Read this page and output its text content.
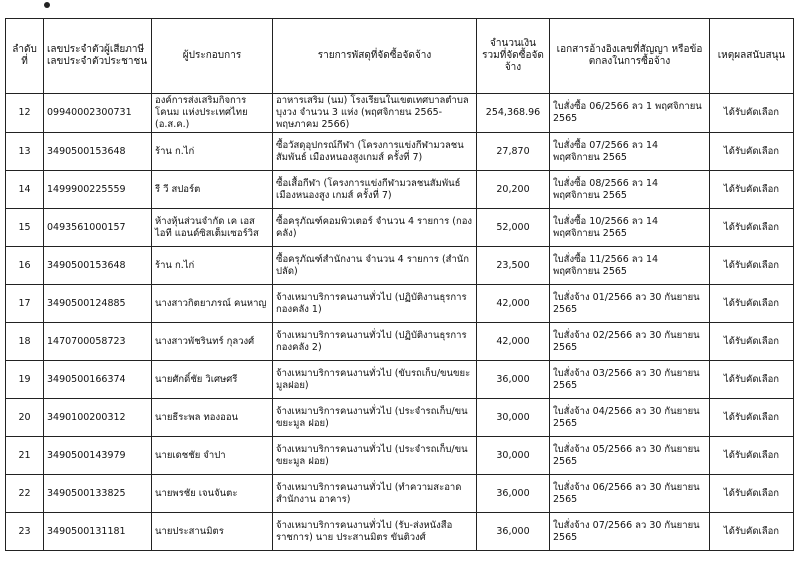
ลำดับที่	เลขประจำตัวผู้เสียภาษี เลขประจำตัวประชาชน	ผู้ประกอบการ	รายการพัสดุที่จัดซื้อจัดจ้าง	จำนวนเงิน รวมที่จัดซื้อจัด จ้าง	เอกสารอ้างอิงเลขที่สัญญา หรือข้อตกลงในการซื้อจ้าง	เหตุผลสนับสนุน
12	09940002300731	องค์การส่งเสริมกิจการโคนม แห่งประเทศไทย (อ.ส.ค.)	อาหารเสริม (นม) โรงเรียนในเขตเทศบาลตำบลบุงวง จำนวน 3 แห่ง (พฤศจิกายน 2565-พฤษภาคม 2566)	254,368.96	ใบสั่งซื้อ 06/2566 ลว 1 พฤศจิกายน 2565	ได้รับคัดเลือก
13	3490500153648	ร้าน ก.ไก่	ซื้อวัสดุอุปกรณ์กีฬา (โครงการแข่งกีฬามวลชนสัมพันธ์ เมืองหนองสูงเกมส์ ครั้งที่ 7)	27,870	ใบสั่งซื้อ 07/2566 ลว 14 พฤศจิกายน 2565	ได้รับคัดเลือก
14	1499900225559	รี วี สปอร์ต	ซื้อเสื้อกีฬา (โครงการแข่งกีฬามวลชนสัมพันธ์ เมืองหนองสูง เกมส์ ครั้งที่ 7)	20,200	ใบสั่งซื้อ 08/2566 ลว 14 พฤศจิกายน 2565	ได้รับคัดเลือก
15	0493561000157	ห้างหุ้นส่วนจำกัด เค เอส ไอที แอนด์ซิสเต็มเซอร์วิส	ซื้อครุภัณฑ์คอมพิวเตอร์ จำนวน 4 รายการ (กองคลัง)	52,000	ใบสั่งซื้อ 10/2566 ลว 14 พฤศจิกายน 2565	ได้รับคัดเลือก
16	3490500153648	ร้าน ก.ไก่	ซื้อครุภัณฑ์สำนักงาน จำนวน 4 รายการ (สำนักปลัด)	23,500	ใบสั่งซื้อ 11/2566 ลว 14 พฤศจิกายน 2565	ได้รับคัดเลือก
17	3490500124885	นางสาวกิตยาภรณ์ คนหาญ	จ้างเหมาบริการคนงานทั่วไป (ปฏิบัติงานธุรการกองคลัง 1)	42,000	ใบสั่งจ้าง 01/2566 ลว 30 กันยายน 2565	ได้รับคัดเลือก
18	1470700058723	นางสาวพัชรินทร์ กุลวงศ์	จ้างเหมาบริการคนงานทั่วไป (ปฏิบัติงานธุรการกองคลัง 2)	42,000	ใบสั่งจ้าง 02/2566 ลว 30 กันยายน 2565	ได้รับคัดเลือก
19	3490500166374	นายศักดิ์ชัย วิเศษศรี	จ้างเหมาบริการคนงานทั่วไป (ขับรถเก็บ/ขนขยะมูลฝอย)	36,000	ใบสั่งจ้าง 03/2566 ลว 30 กันยายน 2565	ได้รับคัดเลือก
20	3490100200312	นายธีระพล ทองออน	จ้างเหมาบริการคนงานทั่วไป (ประจำรถเก็บ/ขนขยะมูล ฝอย)	30,000	ใบสั่งจ้าง 04/2566 ลว 30 กันยายน 2565	ได้รับคัดเลือก
21	3490500143979	นายเดชชัย จำปา	จ้างเหมาบริการคนงานทั่วไป (ประจำรถเก็บ/ขนขยะมูล ฝอย)	30,000	ใบสั่งจ้าง 05/2566 ลว 30 กันยายน 2565	ได้รับคัดเลือก
22	3490500133825	นายพรชัย เจนจันตะ	จ้างเหมาบริการคนงานทั่วไป (ทำความสะอาดสำนักงาน อาคาร)	36,000	ใบสั่งจ้าง 06/2566 ลว 30 กันยายน 2565	ได้รับคัดเลือก
23	3490500131181	นายประสานมิตร	จ้างเหมาบริการคนงานทั่วไป (รับ-ส่งหนังสือราชการ) นาย ประสานมิตร ขันติวงศ์	36,000	ใบสั่งจ้าง 07/2566 ลว 30 กันยายน 2565	ได้รับคัดเลือก
